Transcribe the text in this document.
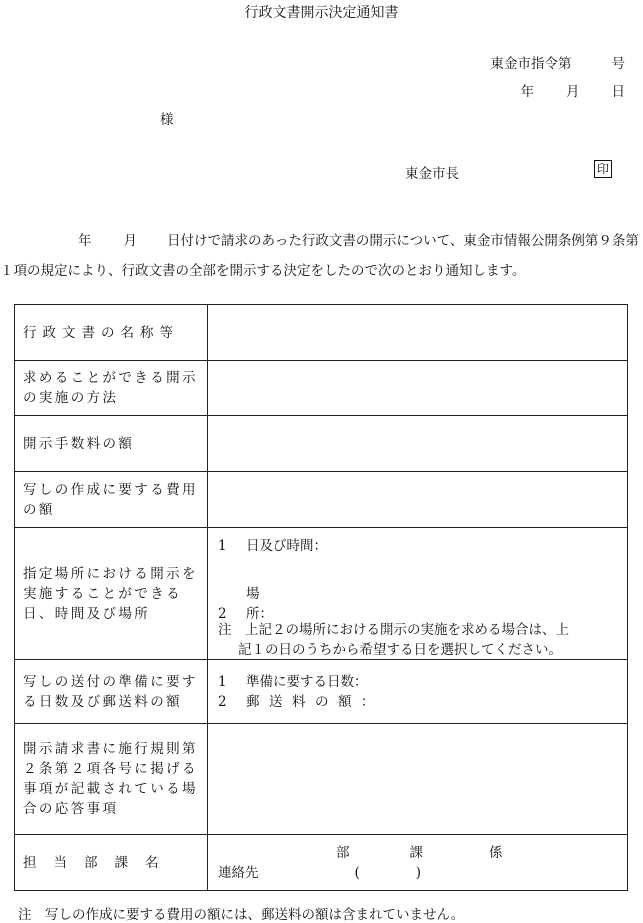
行政文書開示決定通知書
東金市指令第	号
年 月 日
様
東金市長	印
年 月 日付けで請求のあった行政文書の開示について、東金市情報公開条例第９条第１項の規定により、行政文書の全部を開示する決定をしたので次のとおり通知します。
行政文書の名称等	
求めることができる開示の実施の方法	
開示手数料の額	
写しの作成に要する費用の額	
指定場所における開示を実施することができる日、時間及び場所	1 日及び時間：
2場所：
注　上記２の場所における開示の実施を求める場合は、上
記１の日のうちから希望する日を選択してください。

写しの送付の準備に要する日数及び郵送料の額	1 準備に要する日数：
2 郵送料の額：

開示請求書に施行規則第２条第２項各号に掲げる事項が記載されている場合の応答事項	
担当部課名	部 課 係
連絡先 ( )
注　写しの作成に要する費用の額には、郵送料の額は含まれていません。
